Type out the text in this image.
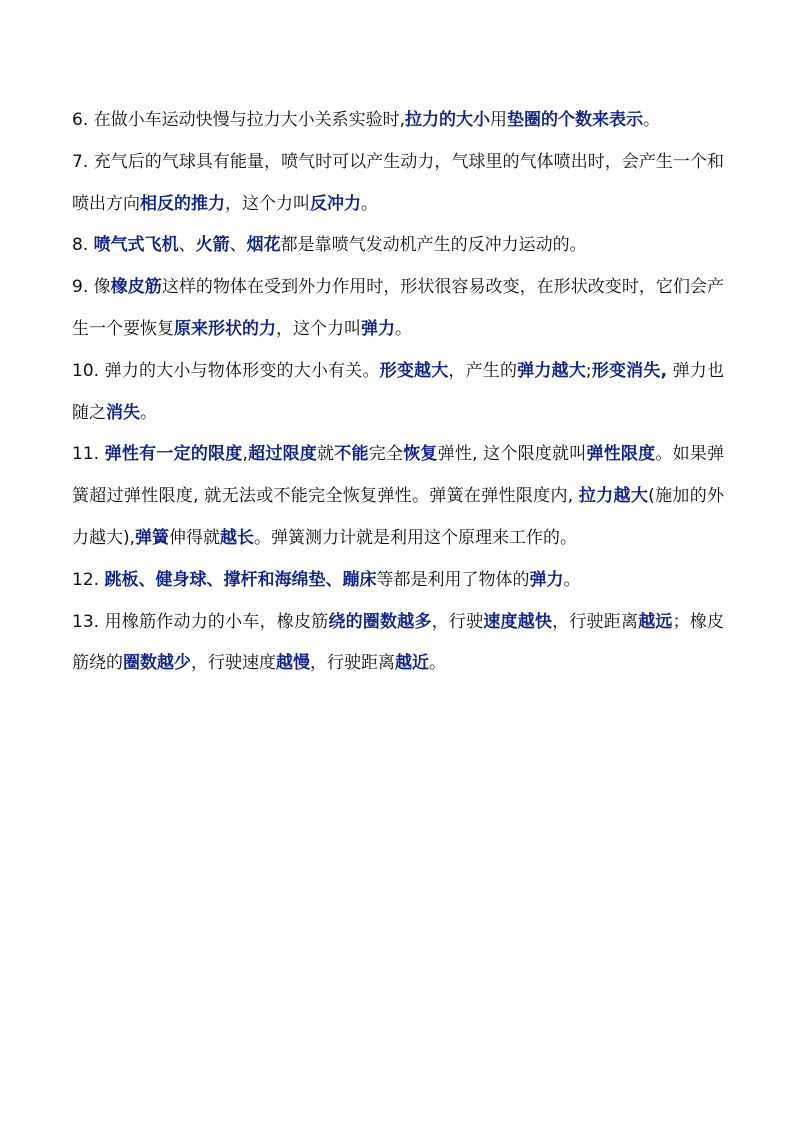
6. 在做小车运动快慢与拉力大小关系实验时,拉力的大小用垫圈的个数来表示。

7. 充气后的气球具有能量，喷气时可以产生动力，气球里的气体喷出时，会产生一个和喷出方向相反的推力，这个力叫反冲力。

8. 喷气式飞机、火箭、烟花都是靠喷气发动机产生的反冲力运动的。

9. 像橡皮筋这样的物体在受到外力作用时，形状很容易改变，在形状改变时，它们会产生一个要恢复原来形状的力，这个力叫弹力。

10. 弹力的大小与物体形变的大小有关。形变越大，产生的弹力越大;形变消失, 弹力也随之消失。

11. 弹性有一定的限度,超过限度就不能完全恢复弹性, 这个限度就叫弹性限度。如果弹簧超过弹性限度, 就无法或不能完全恢复弹性。弹簧在弹性限度内, 拉力越大(施加的外力越大),弹簧伸得就越长。弹簧测力计就是利用这个原理来工作的。

12. 跳板、健身球、撑杆和海绵垫、蹦床等都是利用了物体的弹力。

13. 用橡筋作动力的小车，橡皮筋绕的圈数越多，行驶速度越快，行驶距离越远；橡皮筋绕的圈数越少，行驶速度越慢，行驶距离越近。
